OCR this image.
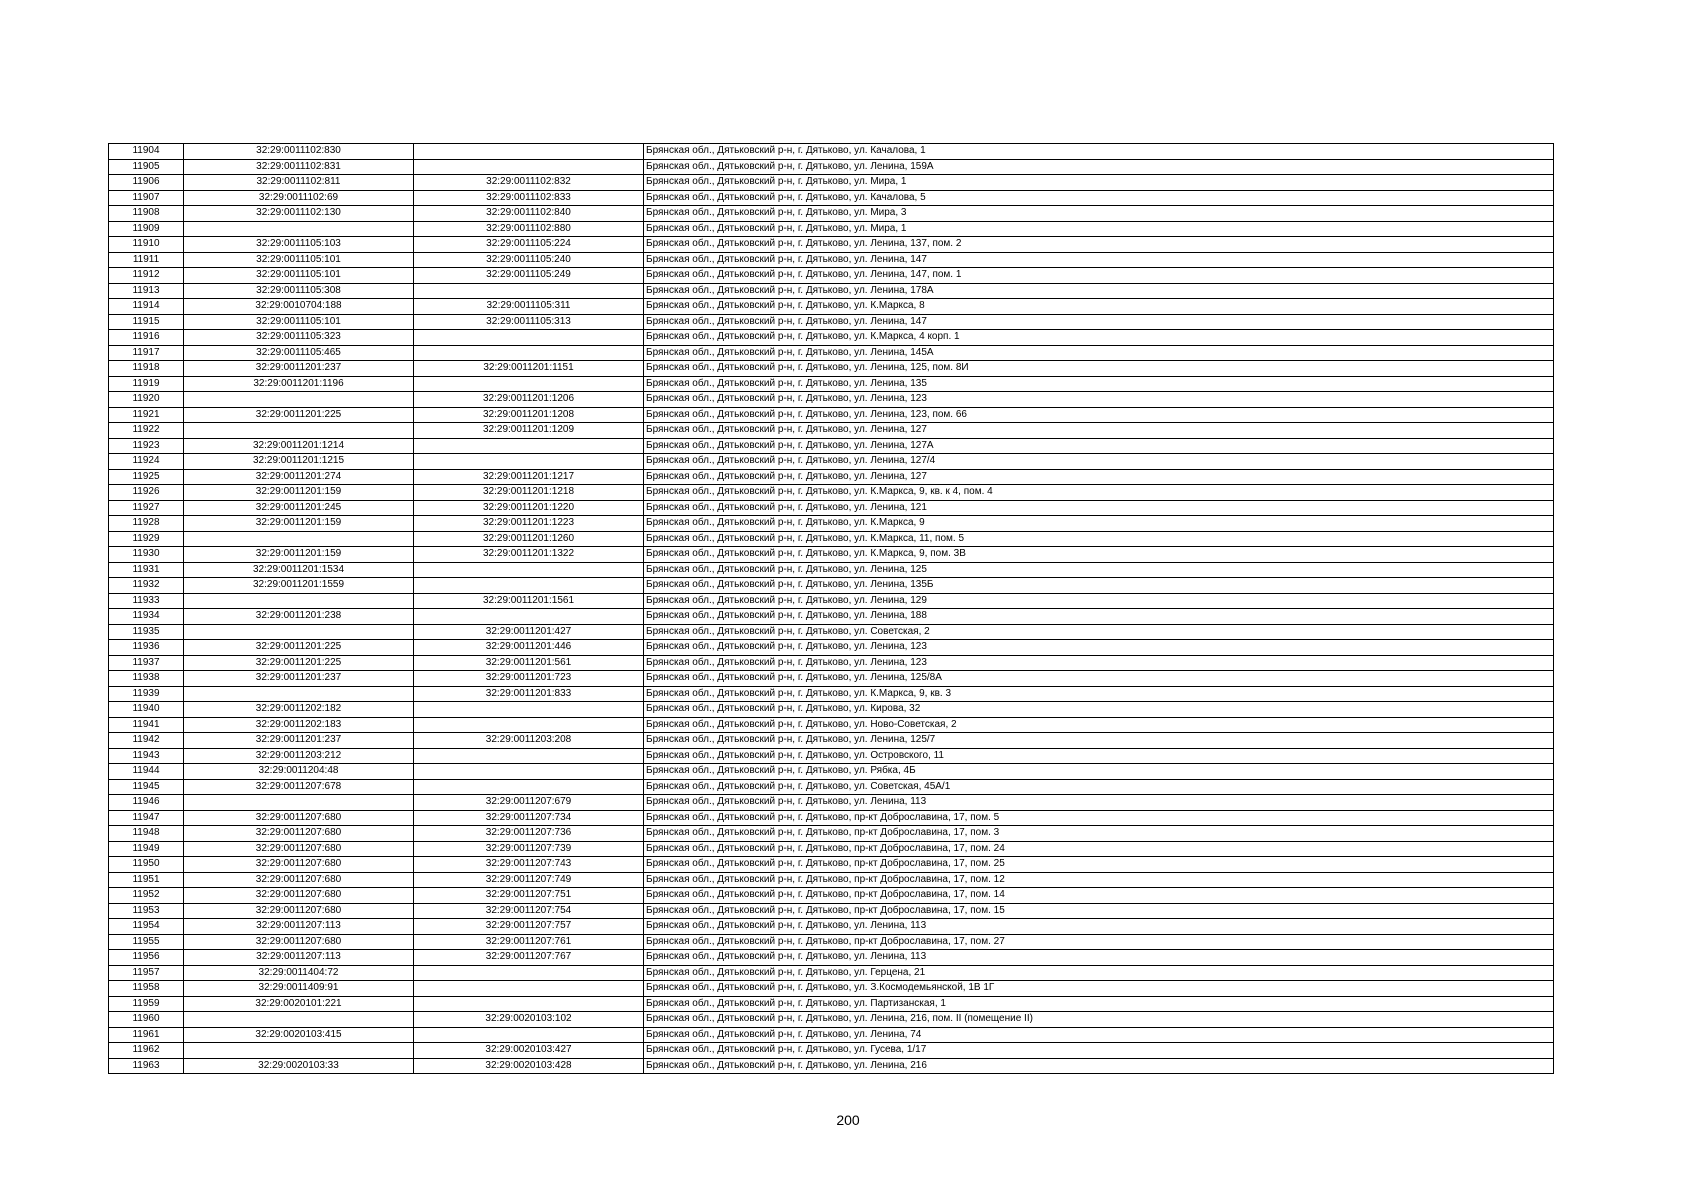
11904	32:29:0011102:830		Брянская обл., Дятьковский р-н, г. Дятьково, ул. Качалова, 1
11905	32:29:0011102:831		Брянская обл., Дятьковский р-н, г. Дятьково, ул. Ленина, 159А
11906	32:29:0011102:811	32:29:0011102:832	Брянская обл., Дятьковский р-н, г. Дятьково, ул. Мира, 1
11907	32:29:0011102:69	32:29:0011102:833	Брянская обл., Дятьковский р-н, г. Дятьково, ул. Качалова, 5
11908	32:29:0011102:130	32:29:0011102:840	Брянская обл., Дятьковский р-н, г. Дятьково, ул. Мира, 3
11909		32:29:0011102:880	Брянская обл., Дятьковский р-н, г. Дятьково, ул. Мира, 1
11910	32:29:0011105:103	32:29:0011105:224	Брянская обл., Дятьковский р-н, г. Дятьково, ул. Ленина, 137, пом. 2
11911	32:29:0011105:101	32:29:0011105:240	Брянская обл., Дятьковский р-н, г. Дятьково, ул. Ленина, 147
11912	32:29:0011105:101	32:29:0011105:249	Брянская обл., Дятьковский р-н, г. Дятьково, ул. Ленина, 147, пом. 1
11913	32:29:0011105:308		Брянская обл., Дятьковский р-н, г. Дятьково, ул. Ленина, 178А
11914	32:29:0010704:188	32:29:0011105:311	Брянская обл., Дятьковский р-н, г. Дятьково, ул. К.Маркса, 8
11915	32:29:0011105:101	32:29:0011105:313	Брянская обл., Дятьковский р-н, г. Дятьково, ул. Ленина, 147
11916	32:29:0011105:323		Брянская обл., Дятьковский р-н, г. Дятьково, ул. К.Маркса, 4 корп. 1
11917	32:29:0011105:465		Брянская обл., Дятьковский р-н, г. Дятьково, ул. Ленина, 145А
11918	32:29:0011201:237	32:29:0011201:1151	Брянская обл., Дятьковский р-н, г. Дятьково, ул. Ленина, 125, пом. 8И
11919	32:29:0011201:1196		Брянская обл., Дятьковский р-н, г. Дятьково, ул. Ленина, 135
11920		32:29:0011201:1206	Брянская обл., Дятьковский р-н, г. Дятьково, ул. Ленина, 123
11921	32:29:0011201:225	32:29:0011201:1208	Брянская обл., Дятьковский р-н, г. Дятьково, ул. Ленина, 123, пом. 66
11922		32:29:0011201:1209	Брянская обл., Дятьковский р-н, г. Дятьково, ул. Ленина, 127
11923	32:29:0011201:1214		Брянская обл., Дятьковский р-н, г. Дятьково, ул. Ленина, 127А
11924	32:29:0011201:1215		Брянская обл., Дятьковский р-н, г. Дятьково, ул. Ленина, 127/4
11925	32:29:0011201:274	32:29:0011201:1217	Брянская обл., Дятьковский р-н, г. Дятьково, ул. Ленина, 127
11926	32:29:0011201:159	32:29:0011201:1218	Брянская обл., Дятьковский р-н, г. Дятьково, ул. К.Маркса, 9, кв. к 4, пом. 4
11927	32:29:0011201:245	32:29:0011201:1220	Брянская обл., Дятьковский р-н, г. Дятьково, ул. Ленина, 121
11928	32:29:0011201:159	32:29:0011201:1223	Брянская обл., Дятьковский р-н, г. Дятьково, ул. К.Маркса, 9
11929		32:29:0011201:1260	Брянская обл., Дятьковский р-н, г. Дятьково, ул. К.Маркса, 11, пом. 5
11930	32:29:0011201:159	32:29:0011201:1322	Брянская обл., Дятьковский р-н, г. Дятьково, ул. К.Маркса, 9, пом. 3В
11931	32:29:0011201:1534		Брянская обл., Дятьковский р-н, г. Дятьково, ул. Ленина, 125
11932	32:29:0011201:1559		Брянская обл., Дятьковский р-н, г. Дятьково, ул. Ленина, 135Б
11933		32:29:0011201:1561	Брянская обл., Дятьковский р-н, г. Дятьково, ул. Ленина, 129
11934	32:29:0011201:238		Брянская обл., Дятьковский р-н, г. Дятьково, ул. Ленина, 188
11935		32:29:0011201:427	Брянская обл., Дятьковский р-н, г. Дятьково, ул. Советская, 2
11936	32:29:0011201:225	32:29:0011201:446	Брянская обл., Дятьковский р-н, г. Дятьково, ул. Ленина, 123
11937	32:29:0011201:225	32:29:0011201:561	Брянская обл., Дятьковский р-н, г. Дятьково, ул. Ленина, 123
11938	32:29:0011201:237	32:29:0011201:723	Брянская обл., Дятьковский р-н, г. Дятьково, ул. Ленина, 125/8А
11939		32:29:0011201:833	Брянская обл., Дятьковский р-н, г. Дятьково, ул. К.Маркса, 9, кв. 3
11940	32:29:0011202:182		Брянская обл., Дятьковский р-н, г. Дятьково, ул. Кирова, 32
11941	32:29:0011202:183		Брянская обл., Дятьковский р-н, г. Дятьково, ул. Ново-Советская, 2
11942	32:29:0011201:237	32:29:0011203:208	Брянская обл., Дятьковский р-н, г. Дятьково, ул. Ленина, 125/7
11943	32:29:0011203:212		Брянская обл., Дятьковский р-н, г. Дятьково, ул. Островского, 11
11944	32:29:0011204:48		Брянская обл., Дятьковский р-н, г. Дятьково, ул. Рябка, 4Б
11945	32:29:0011207:678		Брянская обл., Дятьковский р-н, г. Дятьково, ул. Советская, 45А/1
11946		32:29:0011207:679	Брянская обл., Дятьковский р-н, г. Дятьково, ул. Ленина, 113
11947	32:29:0011207:680	32:29:0011207:734	Брянская обл., Дятьковский р-н, г. Дятьково, пр-кт Доброславина, 17, пом. 5
11948	32:29:0011207:680	32:29:0011207:736	Брянская обл., Дятьковский р-н, г. Дятьково, пр-кт Доброславина, 17, пом. 3
11949	32:29:0011207:680	32:29:0011207:739	Брянская обл., Дятьковский р-н, г. Дятьково, пр-кт Доброславина, 17, пом. 24
11950	32:29:0011207:680	32:29:0011207:743	Брянская обл., Дятьковский р-н, г. Дятьково, пр-кт Доброславина, 17, пом. 25
11951	32:29:0011207:680	32:29:0011207:749	Брянская обл., Дятьковский р-н, г. Дятьково, пр-кт Доброславина, 17, пом. 12
11952	32:29:0011207:680	32:29:0011207:751	Брянская обл., Дятьковский р-н, г. Дятьково, пр-кт Доброславина, 17, пом. 14
11953	32:29:0011207:680	32:29:0011207:754	Брянская обл., Дятьковский р-н, г. Дятьково, пр-кт Доброславина, 17, пом. 15
11954	32:29:0011207:113	32:29:0011207:757	Брянская обл., Дятьковский р-н, г. Дятьково, ул. Ленина, 113
11955	32:29:0011207:680	32:29:0011207:761	Брянская обл., Дятьковский р-н, г. Дятьково, пр-кт Доброславина, 17, пом. 27
11956	32:29:0011207:113	32:29:0011207:767	Брянская обл., Дятьковский р-н, г. Дятьково, ул. Ленина, 113
11957	32:29:0011404:72		Брянская обл., Дятьковский р-н, г. Дятьково, ул. Герцена, 21
11958	32:29:0011409:91		Брянская обл., Дятьковский р-н, г. Дятьково, ул. З.Космодемьянской, 1В 1Г
11959	32:29:0020101:221		Брянская обл., Дятьковский р-н, г. Дятьково, ул. Партизанская, 1
11960		32:29:0020103:102	Брянская обл., Дятьковский р-н, г. Дятьково, ул. Ленина, 216, пом. II (помещение II)
11961	32:29:0020103:415		Брянская обл., Дятьковский р-н, г. Дятьково, ул. Ленина, 74
11962		32:29:0020103:427	Брянская обл., Дятьковский р-н, г. Дятьково, ул. Гусева, 1/17
11963	32:29:0020103:33	32:29:0020103:428	Брянская обл., Дятьковский р-н, г. Дятьково, ул. Ленина, 216
200
